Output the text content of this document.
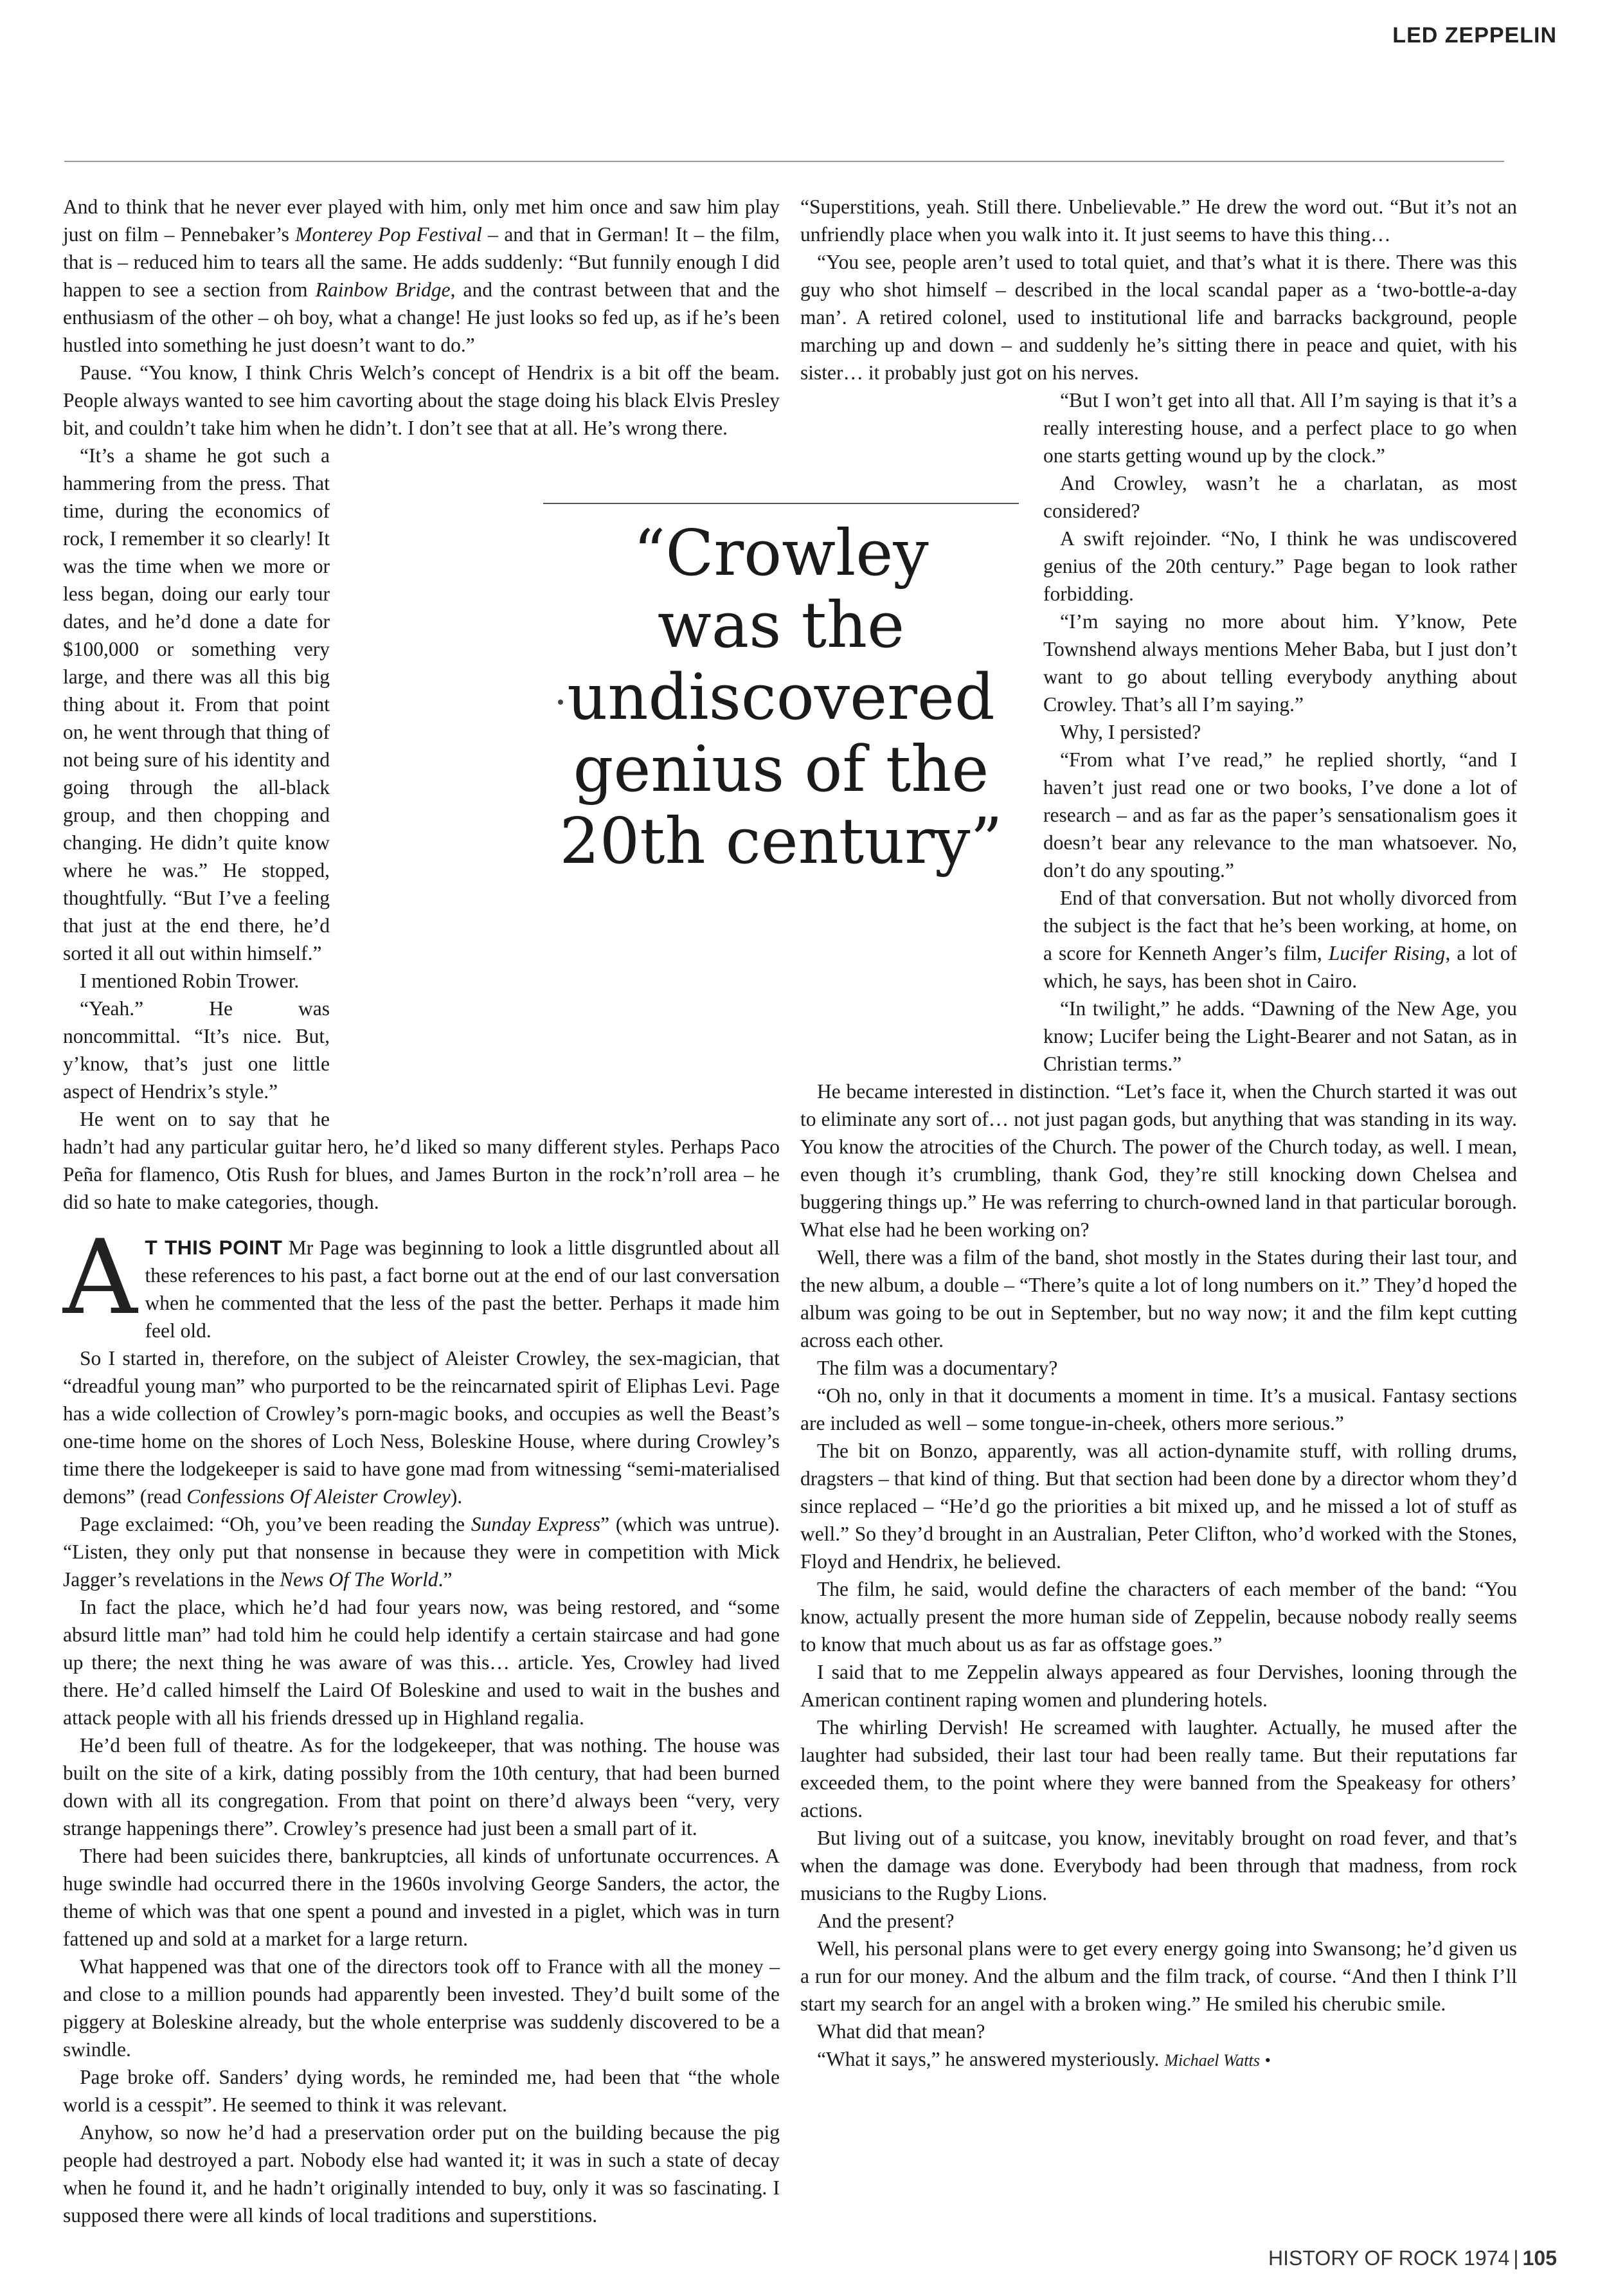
LED ZEPPELIN

And to think that he never ever played with him, only met him once and saw him play just on film – Pennebaker’s Monterey Pop Festival – and that in German! It – the film, that is – reduced him to tears all the same. He adds suddenly: “But funnily enough I did happen to see a section from Rainbow Bridge, and the contrast between that and the enthusiasm of the other – oh boy, what a change! He just looks so fed up, as if he’s been hustled into something he just doesn’t want to do.”

Pause. “You know, I think Chris Welch’s concept of Hendrix is a bit off the beam. People always wanted to see him cavorting about the stage doing his black Elvis Presley bit, and couldn’t take him when he didn’t. I don’t see that at all. He’s wrong there.

“It’s a shame he got such a hammering from the press. That time, during the economics of rock, I remember it so clearly! It was the time when we more or less began, doing our early tour dates, and he’d done a date for $100,000 or something very large, and there was all this big thing about it. From that point on, he went through that thing of not being sure of his identity and going through the all-black group, and then chopping and changing. He didn’t quite know where he was.” He stopped, thoughtfully. “But I’ve a feeling that just at the end there, he’d sorted it all out within himself.”

I mentioned Robin Trower.

“Yeah.” He was noncommittal. “It’s nice. But, y’know, that’s just one little aspect of Hendrix’s style.”

He went on to say that he hadn’t had any particular guitar hero, he’d liked so many different styles. Perhaps Paco Peña for flamenco, Otis Rush for blues, and James Burton in the rock’n’roll area – he did so hate to make categories, though.

A T THIS POINT Mr Page was beginning to look a little disgruntled about all these references to his past, a fact borne out at the end of our last conversation when he commented that the less of the past the better. Perhaps it made him feel old.

So I started in, therefore, on the subject of Aleister Crowley, the sex-magician, that “dreadful young man” who purported to be the reincarnated spirit of Eliphas Levi. Page has a wide collection of Crowley’s porn-magic books, and occupies as well the Beast’s one-time home on the shores of Loch Ness, Boleskine House, where during Crowley’s time there the lodgekeeper is said to have gone mad from witnessing “semi-materialised demons” (read Confessions Of Aleister Crowley).

Page exclaimed: “Oh, you’ve been reading the Sunday Express” (which was untrue). “Listen, they only put that nonsense in because they were in competition with Mick Jagger’s revelations in the News Of The World.”

In fact the place, which he’d had four years now, was being restored, and “some absurd little man” had told him he could help identify a certain staircase and had gone up there; the next thing he was aware of was this… article. Yes, Crowley had lived there. He’d called himself the Laird Of Boleskine and used to wait in the bushes and attack people with all his friends dressed up in Highland regalia.

He’d been full of theatre. As for the lodgekeeper, that was nothing. The house was built on the site of a kirk, dating possibly from the 10th century, that had been burned down with all its congregation. From that point on there’d always been “very, very strange happenings there”. Crowley’s presence had just been a small part of it.

There had been suicides there, bankruptcies, all kinds of unfortunate occurrences. A huge swindle had occurred there in the 1960s involving George Sanders, the actor, the theme of which was that one spent a pound and invested in a piglet, which was in turn fattened up and sold at a market for a large return.

What happened was that one of the directors took off to France with all the money – and close to a million pounds had apparently been invested. They’d built some of the piggery at Boleskine already, but the whole enterprise was suddenly discovered to be a swindle.

Page broke off. Sanders’ dying words, he reminded me, had been that “the whole world is a cesspit”. He seemed to think it was relevant.

Anyhow, so now he’d had a preservation order put on the building because the pig people had destroyed a part. Nobody else had wanted it; it was in such a state of decay when he found it, and he hadn’t originally intended to buy, only it was so fascinating. I supposed there were all kinds of local traditions and superstitions.

“Superstitions, yeah. Still there. Unbelievable.” He drew the word out. “But it’s not an unfriendly place when you walk into it. It just seems to have this thing…

“You see, people aren’t used to total quiet, and that’s what it is there. There was this guy who shot himself – described in the local scandal paper as a ‘two-bottle-a-day man’. A retired colonel, used to institutional life and barracks background, people marching up and down – and suddenly he’s sitting there in peace and quiet, with his sister… it probably just got on his nerves.

“But I won’t get into all that. All I’m saying is that it’s a really interesting house, and a perfect place to go when one starts getting wound up by the clock.”

And Crowley, wasn’t he a charlatan, as most considered?

A swift rejoinder. “No, I think he was undiscovered genius of the 20th century.” Page began to look rather forbidding.

“I’m saying no more about him. Y’know, Pete Townshend always mentions Meher Baba, but I just don’t want to go about telling everybody anything about Crowley. That’s all I’m saying.”

Why, I persisted?

“From what I’ve read,” he replied shortly, “and I haven’t just read one or two books, I’ve done a lot of research – and as far as the paper’s sensationalism goes it doesn’t bear any relevance to the man whatsoever. No, don’t do any spouting.”

End of that conversation. But not wholly divorced from the subject is the fact that he’s been working, at home, on a score for Kenneth Anger’s film, Lucifer Rising, a lot of which, he says, has been shot in Cairo.

“In twilight,” he adds. “Dawning of the New Age, you know; Lucifer being the Light-Bearer and not Satan, as in Christian terms.”

He became interested in distinction. “Let’s face it, when the Church started it was out to eliminate any sort of… not just pagan gods, but anything that was standing in its way. You know the atrocities of the Church. The power of the Church today, as well. I mean, even though it’s crumbling, thank God, they’re still knocking down Chelsea and buggering things up.” He was referring to church-owned land in that particular borough. What else had he been working on?

Well, there was a film of the band, shot mostly in the States during their last tour, and the new album, a double – “There’s quite a lot of long numbers on it.” They’d hoped the album was going to be out in September, but no way now; it and the film kept cutting across each other.

The film was a documentary?

“Oh no, only in that it documents a moment in time. It’s a musical. Fantasy sections are included as well – some tongue-in-cheek, others more serious.”

The bit on Bonzo, apparently, was all action-dynamite stuff, with rolling drums, dragsters – that kind of thing. But that section had been done by a director whom they’d since replaced – “He’d go the priorities a bit mixed up, and he missed a lot of stuff as well.” So they’d brought in an Australian, Peter Clifton, who’d worked with the Stones, Floyd and Hendrix, he believed.

The film, he said, would define the characters of each member of the band: “You know, actually present the more human side of Zeppelin, because nobody really seems to know that much about us as far as offstage goes.”

I said that to me Zeppelin always appeared as four Dervishes, looning through the American continent raping women and plundering hotels.

The whirling Dervish! He screamed with laughter. Actually, he mused after the laughter had subsided, their last tour had been really tame. But their reputations far exceeded them, to the point where they were banned from the Speakeasy for others’ actions.

But living out of a suitcase, you know, inevitably brought on road fever, and that’s when the damage was done. Everybody had been through that madness, from rock musicians to the Rugby Lions.

And the present?

Well, his personal plans were to get every energy going into Swansong; he’d given us a run for our money. And the album and the film track, of course. “And then I think I’ll start my search for an angel with a broken wing.” He smiled his cherubic smile.

What did that mean?

“What it says,” he answered mysteriously. Michael Watts •

“Crowley
was the
undiscovered
genius of the
20th century”
HISTORY OF ROCK 1974 | 105
